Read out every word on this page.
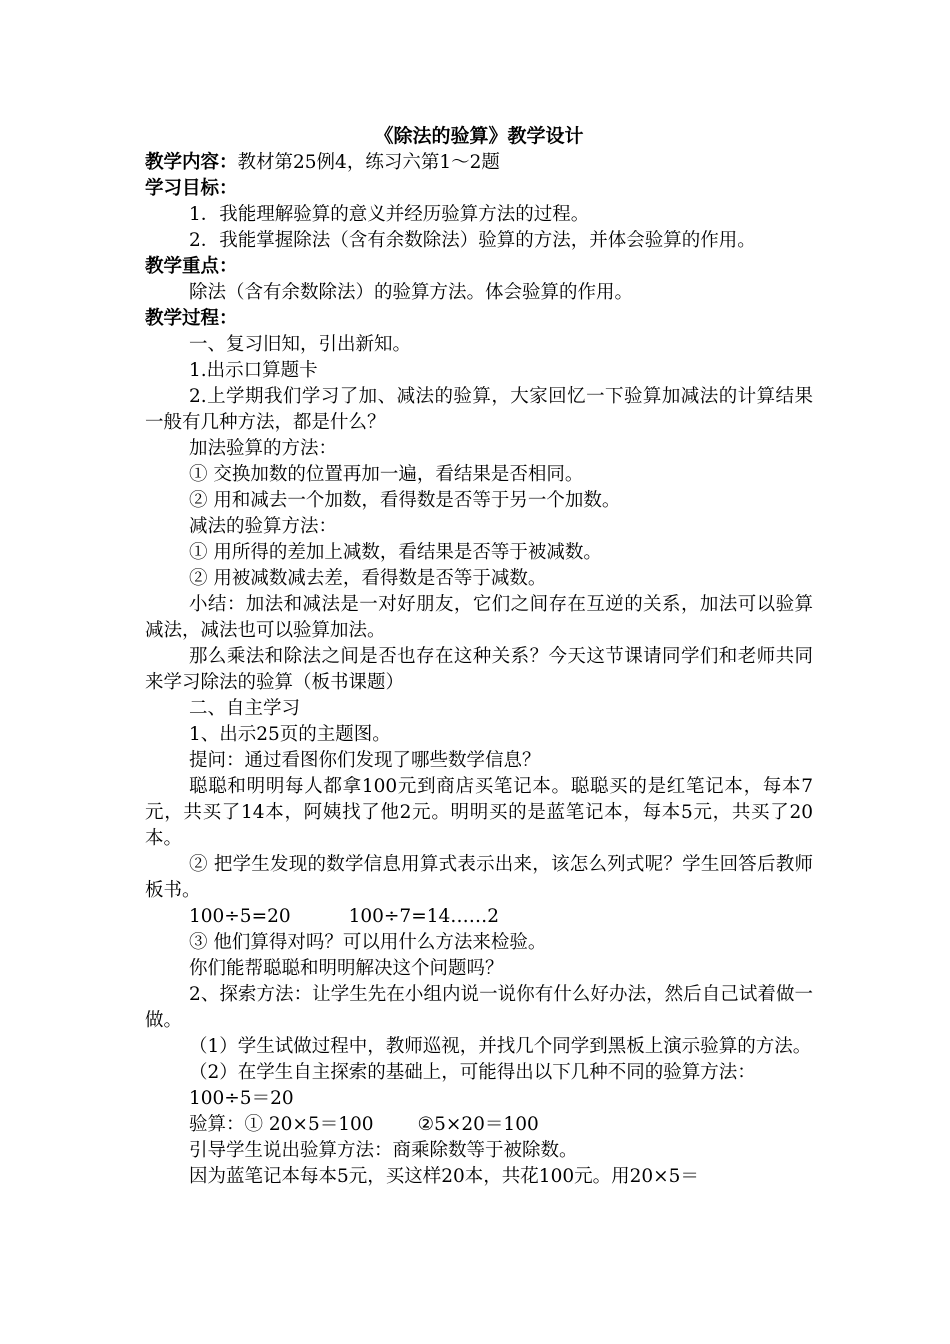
《除法的验算》教学设计
教学内容：教材第25例4，练习六第1～2题
学习目标：
1．我能理解验算的意义并经历验算方法的过程。
2．我能掌握除法（含有余数除法）验算的方法，并体会验算的作用。
教学重点：
除法（含有余数除法）的验算方法。体会验算的作用。
教学过程：
一、复习旧知，引出新知。
1.出示口算题卡
2.上学期我们学习了加、减法的验算，大家回忆一下验算加减法的计算结果一般有几种方法，都是什么？
加法验算的方法：
① 交换加数的位置再加一遍，看结果是否相同。
② 用和减去一个加数，看得数是否等于另一个加数。
减法的验算方法：
① 用所得的差加上减数，看结果是否等于被减数。
② 用被减数减去差，看得数是否等于减数。
小结：加法和减法是一对好朋友，它们之间存在互逆的关系，加法可以验算减法，减法也可以验算加法。
那么乘法和除法之间是否也存在这种关系？今天这节课请同学们和老师共同来学习除法的验算（板书课题）
二、自主学习
1、出示25页的主题图。
提问：通过看图你们发现了哪些数学信息？
聪聪和明明每人都拿100元到商店买笔记本。聪聪买的是红笔记本，每本7元，共买了14本，阿姨找了他2元。明明买的是蓝笔记本，每本5元，共买了20本。
② 把学生发现的数学信息用算式表示出来，该怎么列式呢？学生回答后教师板书。
100÷5=20	100÷7=14……2
③ 他们算得对吗？可以用什么方法来检验。
你们能帮聪聪和明明解决这个问题吗？
2、探索方法：让学生先在小组内说一说你有什么好办法，然后自己试着做一做。
（1）学生试做过程中，教师巡视，并找几个同学到黑板上演示验算的方法。
（2）在学生自主探索的基础上，可能得出以下几种不同的验算方法：
100÷5＝20
验算：① 20×5＝100 ②5×20＝100
引导学生说出验算方法：商乘除数等于被除数。
因为蓝笔记本每本5元，买这样20本，共花100元。用20×5＝
